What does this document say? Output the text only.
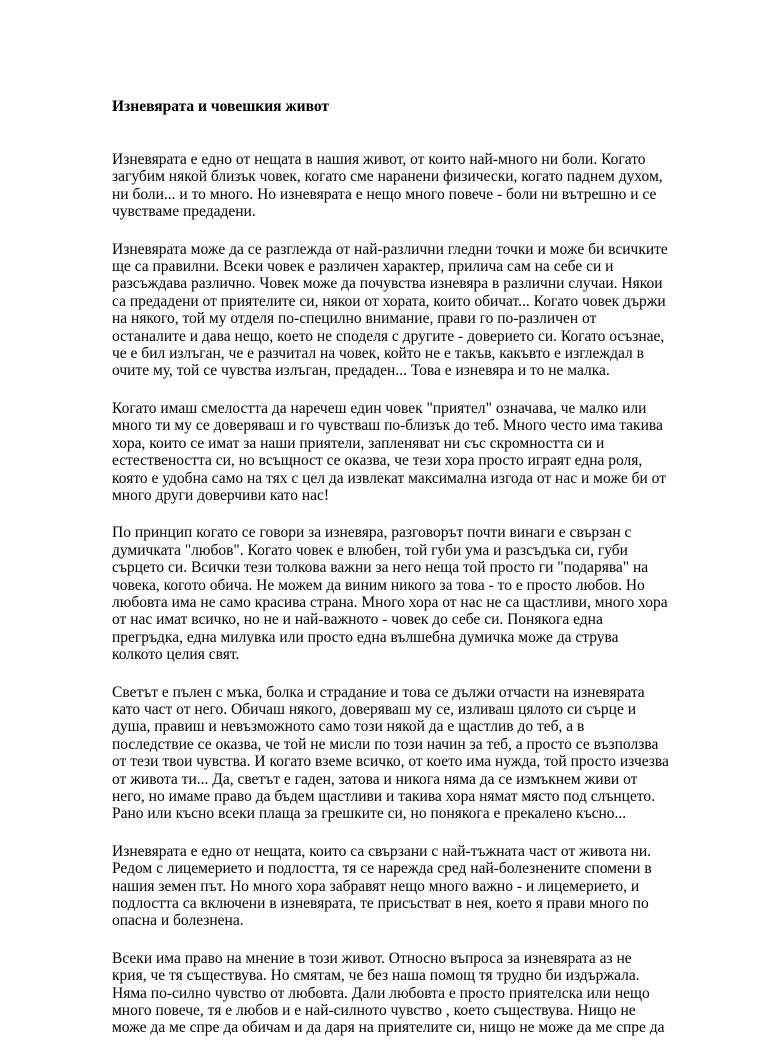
Изневярата и човешкия живот

Изневярата е едно от нещата в нашия живот, от които най-много ни боли. Когато
загубим някой близък човек, когато сме наранени физически, когато паднем духом,
ни боли... и то много. Но изневярата е нещо много повече - боли ни вътрешно и се
чувстваме предадени.

Изневярата може да се разглежда от най-различни гледни точки и може би всичките
ще са правилни. Всеки човек е различен характер, прилича сам на себе си и
разсъждава различно. Човек може да почувства изневяра в различни случаи. Някои
са предадени от приятелите си, някои от хората, които обичат... Когато човек държи
на някого, той му отделя по-специлно внимание, прави го по-различен от
останалите и дава нещо, което не споделя с другите - доверието си. Когато осъзнае,
че е бил излъган, че е разчитал на човек, който не е такъв, какъвто е изглеждал в
очите му, той се чувства излъган, предаден... Това е изневяра и то не малка.

Когато имаш смелостта да наречеш един човек "приятел" означава, че малко или
много ти му се доверяваш и го чувстваш по-близък до теб. Много често има такива
хора, които се имат за наши приятели, запленяват ни със скромността си и
естествеността си, но всъщност се оказва, че тези хора просто играят една роля,
която е удобна само на тях с цел да извлекат максимална изгода от нас и може би от
много други доверчиви като нас!

По принцип когато се говори за изневяра, разговорът почти винаги е свързан с
думичката "любов". Когато човек е влюбен, той губи ума и разсъдъка си, губи
сърцето си. Всички тези толкова важни за него неща той просто ги "подарява" на
човека, когото обича. Не можем да виним никого за това - то е просто любов. Но
любовта има не само красива страна. Много хора от нас не са щастливи, много хора
от нас имат всичко, но не и най-важното - човек до себе си. Понякога една
прегръдка, една милувка или просто една вълшебна думичка може да струва
колкото целия свят.

Светът е пълен с мъка, болка и страдание и това се дължи отчасти на изневярата
като част от него. Обичаш някого, доверяваш му се, изливаш цялото си сърце и
душа, правиш и невъзможното само този някой да е щастлив до теб, а в
последствие се оказва, че той не мисли по този начин за теб, а просто се възползва
от тези твои чувства. И когато вземе всичко, от което има нужда, той просто изчезва
от живота ти... Да, светът е гаден, затова и никога няма да се измъкнем живи от
него, но имаме право да бъдем щастливи и такива хора нямат място под слънцето.
Рано или късно всеки плаща за грешките си, но понякога е прекалено късно...

Изневярата е едно от нещата, които са свързани с най-тъжната част от живота ни.
Редом с лицемерието и подлостта, тя се нарежда сред най-болезнените спомени в
нашия земен път. Но много хора забравят нещо много важно - и лицемерието, и
подлостта са включени в изневярата, те присъстват в нея, което я прави много по
опасна и болезнена.

Всеки има право на мнение в този живот. Относно въпроса за изневярата аз не
крия, че тя съществува. Но смятам, че без наша помощ тя трудно би издържала.
Няма по-силно чувство от любовта. Дали любовта е просто приятелска или нещо
много повече, тя е любов и е най-силното чувство , което съществува. Нищо не
може да ме спре да обичам и да даря на приятелите си, нищо не може да ме спре да
